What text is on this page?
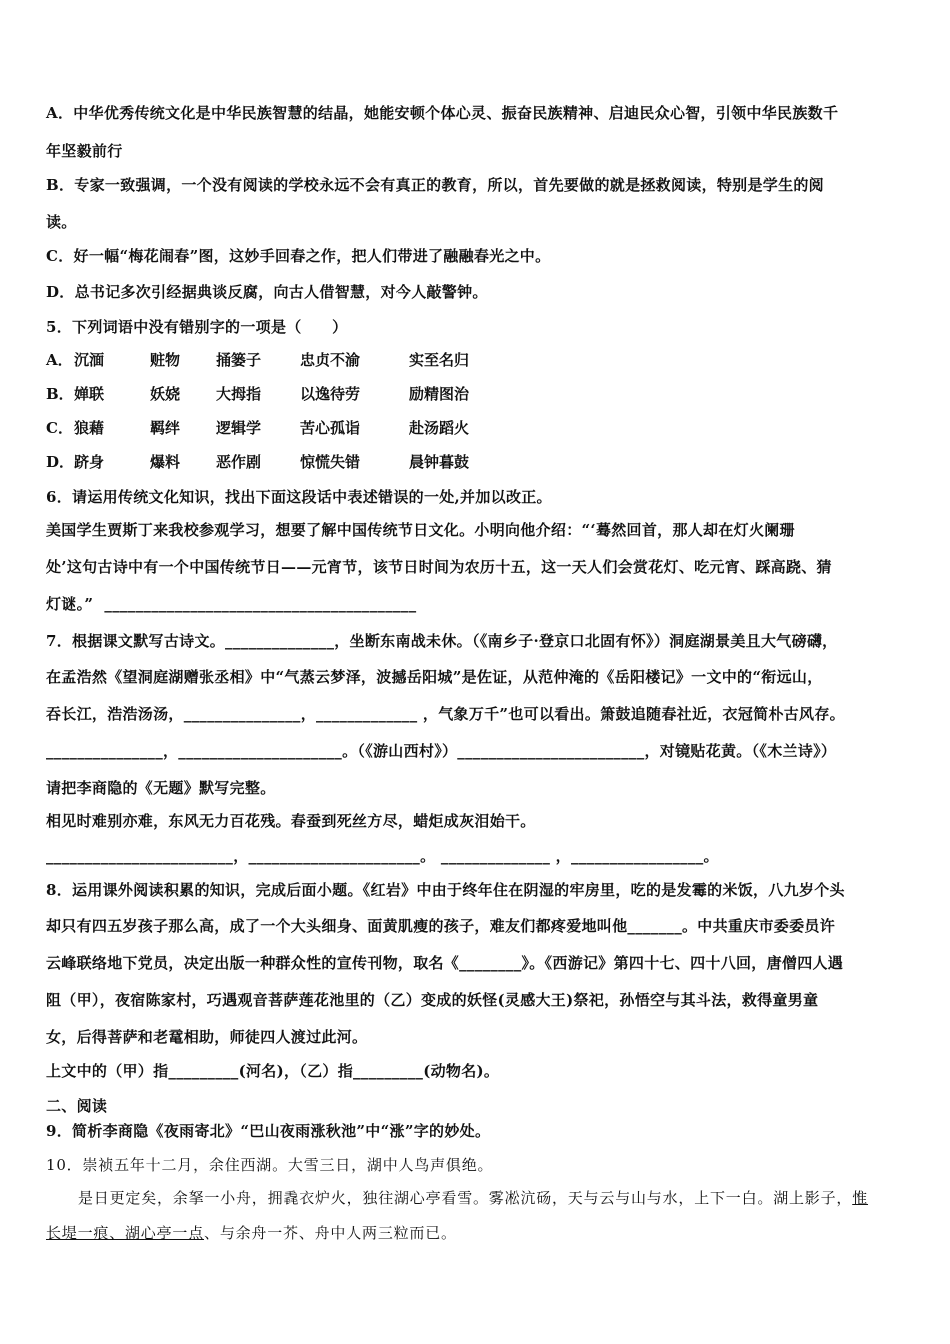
A．中华优秀传统文化是中华民族智慧的结晶，她能安顿个体心灵、振奋民族精神、启迪民众心智，引领中华民族数千
年坚毅前行
B．专家一致强调，一个没有阅读的学校永远不会有真正的教育，所以，首先要做的就是拯救阅读，特别是学生的阅
读。
C．好一幅“梅花闹春”图，这妙手回春之作，把人们带进了融融春光之中。
D．总书记多次引经据典谈反腐，向古人借智慧，对今人敲警钟。
5．下列词语中没有错别字的一项是（　　）
A． 沉湎	赃物 捅篓子	忠贞不渝	实至名归
B． 婵联	妖娆 大拇指	以逸待劳	励精图治
C． 狼藉	羁绊 逻辑学	苦心孤诣	赴汤蹈火
D． 跻身	爆料 恶作剧	惊慌失错	晨钟暮鼓
6．请运用传统文化知识，找出下面这段话中表述错误的一处,并加以改正。
美国学生贾斯丁来我校参观学习，想要了解中国传统节日文化。小明向他介绍：“‘蓦然回首，那人却在灯火阑珊
处’这句古诗中有一个中国传统节日——元宵节，该节日时间为农历十五，这一天人们会赏花灯、吃元宵、踩高跷、猜
灯谜。” ________________________________________
7．根据课文默写古诗文。______________，坐断东南战未休。（《南乡子·登京口北固有怀》）洞庭湖景美且大气磅礴，
在孟浩然《望洞庭湖赠张丞相》中“气蒸云梦泽，波撼岳阳城”是佐证，从范仲淹的《岳阳楼记》一文中的“衔远山，
吞长江，浩浩汤汤，_______________，_____________ ，气象万千”也可以看出。箫鼓追随春社近，衣冠简朴古风存。
_______________，_____________________。（《游山西村》）________________________，对镜贴花黄。（《木兰诗》）
请把李商隐的《无题》默写完整。
相见时难别亦难，东风无力百花残。春蚕到死丝方尽，蜡炬成灰泪始干。
________________________，______________________。 ______________ ，_________________。
8．运用课外阅读积累的知识，完成后面小题。《红岩》中由于终年住在阴湿的牢房里，吃的是发霉的米饭，八九岁个头
却只有四五岁孩子那么高，成了一个大头细身、面黄肌瘦的孩子，难友们都疼爱地叫他_______。中共重庆市委委员许
云峰联络地下党员，决定出版一种群众性的宣传刊物，取名《________》。《西游记》第四十七、四十八回，唐僧四人遇
阻（甲），夜宿陈家村，巧遇观音菩萨莲花池里的（乙）变成的妖怪(灵感大王)祭祀，孙悟空与其斗法，救得童男童
女，后得菩萨和老鼋相助，师徒四人渡过此河。
上文中的（甲）指_________(河名)，（乙）指_________(动物名)。
二、阅读
9．简析李商隐《夜雨寄北》“巴山夜雨涨秋池”中“涨”字的妙处。
10．崇祯五年十二月，余住西湖。大雪三日，湖中人鸟声俱绝。
是日更定矣，余拏一小舟，拥毳衣炉火，独往湖心亭看雪。雾凇沆砀，天与云与山与水，上下一白。湖上影子，惟
长堤一痕、湖心亭一点、与余舟一芥、舟中人两三粒而已。
